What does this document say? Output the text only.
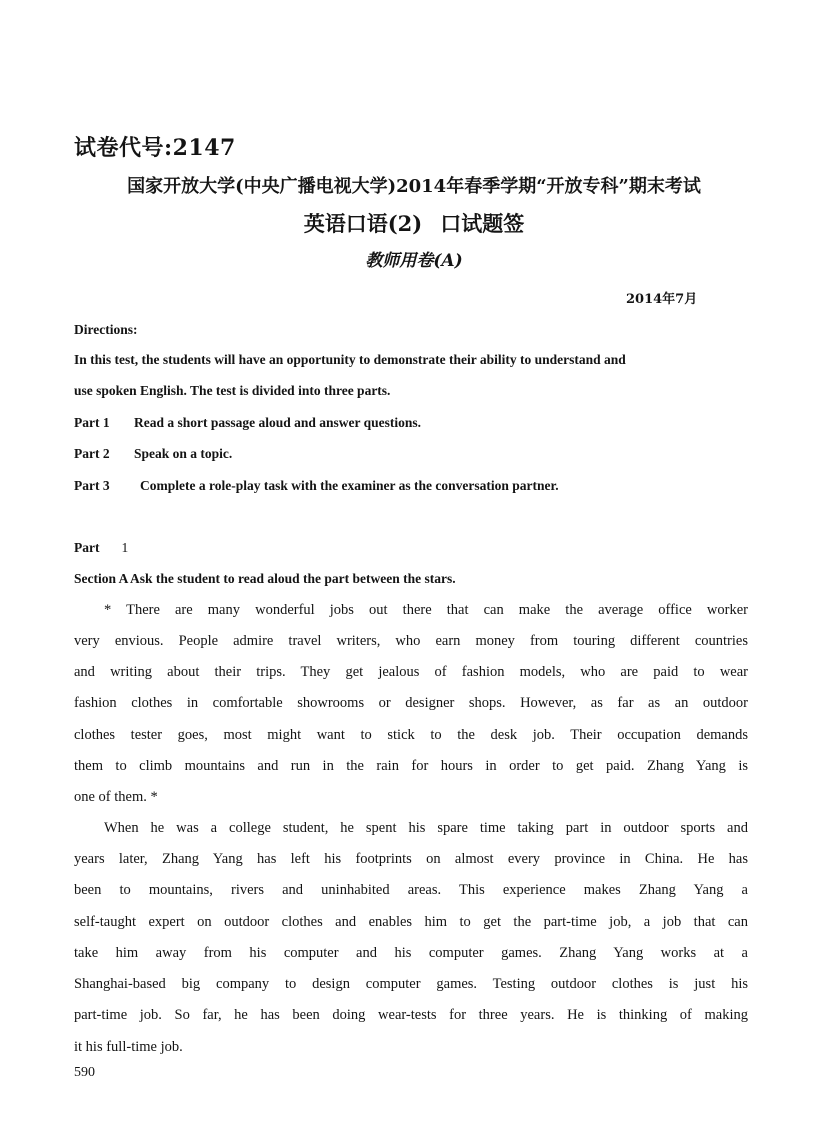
试卷代号:2147
国家开放大学(中央广播电视大学)2014年春季学期“开放专科”期末考试
英语口语(2) 口试题签
教师用卷(A)
2014年7月
Directions:
In this test, the students will have an opportunity to demonstrate their ability to understand and
use spoken English. The test is divided into three parts.
Part 1 Read a short passage aloud and answer questions.
Part 2 Speak on a topic.
Part 3 Complete a role-play task with the examiner as the conversation partner.
Part 1
Section A Ask the student to read aloud the part between the stars.
* There are many wonderful jobs out there that can make the average office worker
very envious. People admire travel writers, who earn money from touring different countries
and writing about their trips. They get jealous of fashion models, who are paid to wear
fashion clothes in comfortable showrooms or designer shops. However, as far as an outdoor
clothes tester goes, most might want to stick to the desk job. Their occupation demands
them to climb mountains and run in the rain for hours in order to get paid. Zhang Yang is
one of them. *
When he was a college student, he spent his spare time taking part in outdoor sports and
years later, Zhang Yang has left his footprints on almost every province in China. He has
been to mountains, rivers and uninhabited areas. This experience makes Zhang Yang a
self-taught expert on outdoor clothes and enables him to get the part-time job, a job that can
take him away from his computer and his computer games. Zhang Yang works at a
Shanghai-based big company to design computer games. Testing outdoor clothes is just his
part-time job. So far, he has been doing wear-tests for three years. He is thinking of making
it his full-time job.
590
